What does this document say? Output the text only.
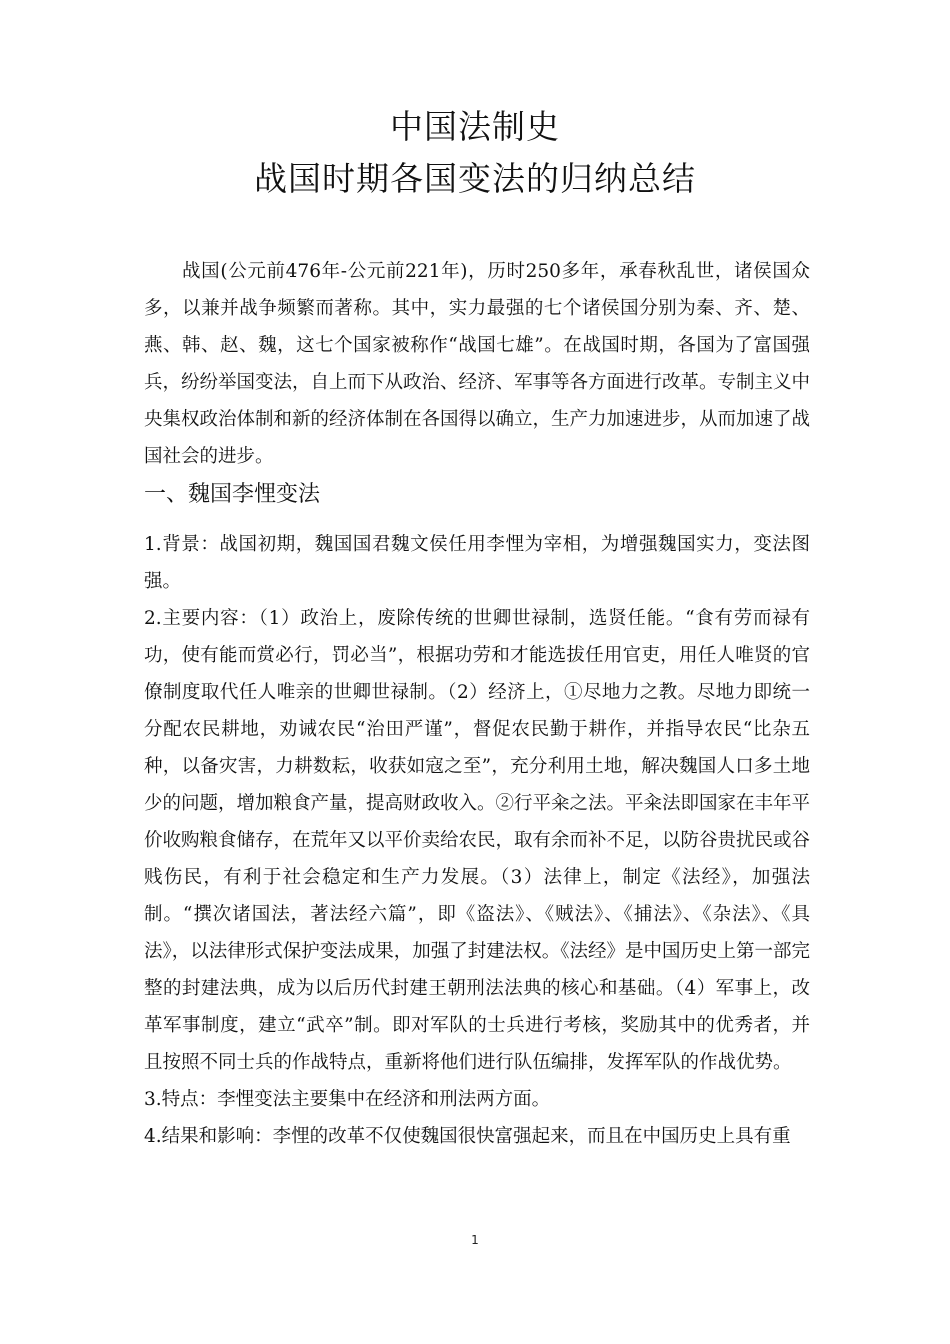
中国法制史
战国时期各国变法的归纳总结
战国(公元前476年-公元前221年)，历时250多年，承春秋乱世，诸侯国众多，以兼并战争频繁而著称。其中，实力最强的七个诸侯国分别为秦、齐、楚、燕、韩、赵、魏，这七个国家被称作“战国七雄”。在战国时期，各国为了富国强兵，纷纷举国变法，自上而下从政治、经济、军事等各方面进行改革。专制主义中央集权政治体制和新的经济体制在各国得以确立，生产力加速进步，从而加速了战国社会的进步。
一、魏国李悝变法

1.背景：战国初期，魏国国君魏文侯任用李悝为宰相，为增强魏国实力，变法图强。

2.主要内容：（1）政治上，废除传统的世卿世禄制，选贤任能。“食有劳而禄有功，使有能而赏必行，罚必当”，根据功劳和才能选拔任用官吏，用任人唯贤的官僚制度取代任人唯亲的世卿世禄制。（2）经济上，①尽地力之教。尽地力即统一分配农民耕地，劝诫农民“治田严谨”，督促农民勤于耕作，并指导农民“比杂五种，以备灾害，力耕数耘，收获如寇之至”，充分利用土地，解决魏国人口多土地少的问题，增加粮食产量，提高财政收入。②行平籴之法。平籴法即国家在丰年平价收购粮食储存，在荒年又以平价卖给农民，取有余而补不足，以防谷贵扰民或谷贱伤民，有利于社会稳定和生产力发展。（3）法律上，制定《法经》，加强法制。“撰次诸国法，著法经六篇”，即《盗法》、《贼法》、《捕法》、《杂法》、《具法》，以法律形式保护变法成果，加强了封建法权。《法经》是中国历史上第一部完整的封建法典，成为以后历代封建王朝刑法法典的核心和基础。（4）军事上，改革军事制度，建立“武卒”制。即对军队的士兵进行考核，奖励其中的优秀者，并且按照不同士兵的作战特点，重新将他们进行队伍编排，发挥军队的作战优势。

3.特点：李悝变法主要集中在经济和刑法两方面。

4.结果和影响：李悝的改革不仅使魏国很快富强起来，而且在中国历史上具有重

1
